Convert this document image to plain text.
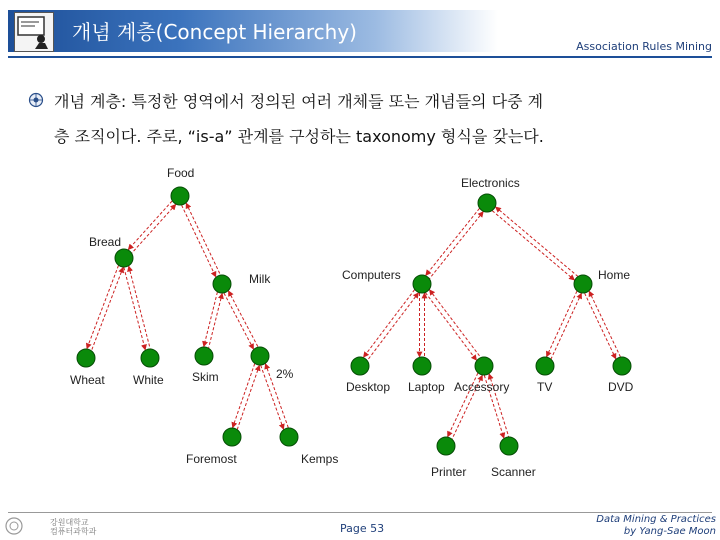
개념 계층(Concept Hierarchy)
Association Rules Mining
개념 계층: 특정한 영역에서 정의된 여러 개체들 또는 개념들의 다중 계
층 조직이다. 주로, “is-a” 관계를 구성하는 taxonomy 형식을 갖는다.
Food
Bread
Milk
Wheat White Skim	2%
Foremost	Kemps
Electronics
Computers	Home
Desktop Laptop Accessory TV	DVD
Printer Scanner
강원대학교
컴퓨터과학과	Page 53
Data Mining & Practices
by Yang-Sae Moon
